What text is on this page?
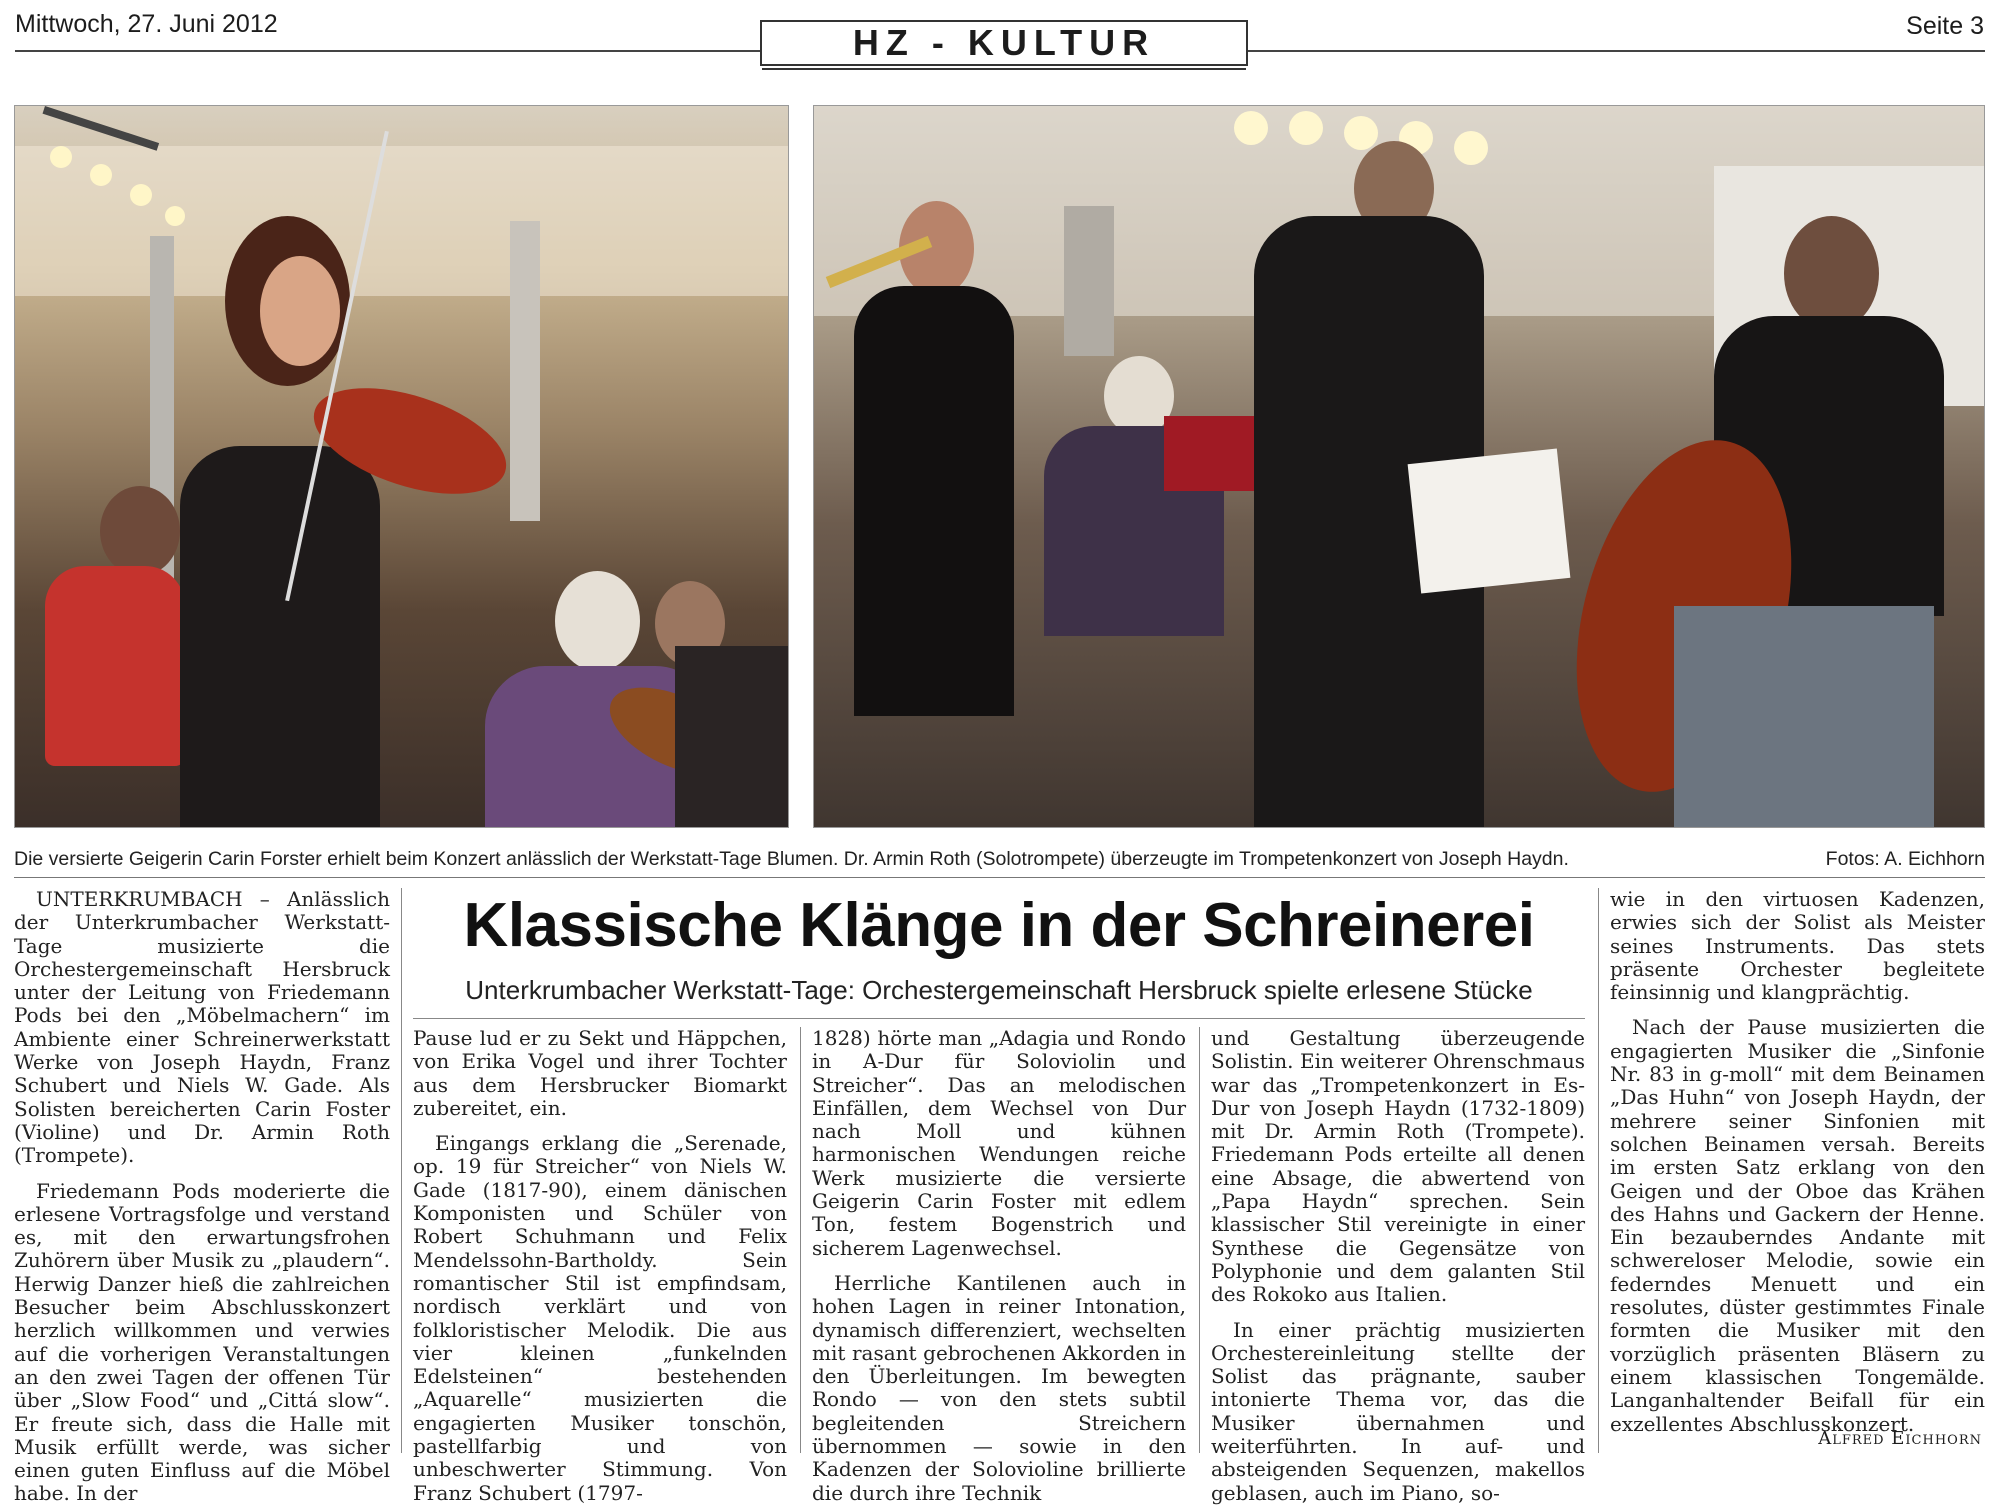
Mittwoch, 27. Juni 2012	HZ - KULTUR	Seite 3
Die versierte Geigerin Carin Forster erhielt beim Konzert anlässlich der Werkstatt-Tage Blumen. Dr. Armin Roth (Solotrompete) überzeugte im Trompetenkonzert von Joseph Haydn.	Fotos: A. Eichhorn
Klassische Klänge in der Schreinerei
Unterkrumbacher Werkstatt-Tage: Orchestergemeinschaft Hersbruck spielte erlesene Stücke

UNTERKRUMBACH – Anlässlich der Unterkrumbacher Werkstatt-Tage musizierte die Orchestergemeinschaft Hersbruck unter der Leitung von Friedemann Pods bei den „Möbelmachern“ im Ambiente einer Schreinerwerkstatt Werke von Joseph Haydn, Franz Schubert und Niels W. Gade. Als Solisten bereicherten Carin Foster (Violine) und Dr. Armin Roth (Trompete).

Friedemann Pods moderierte die erlesene Vortragsfolge und verstand es, mit den erwartungsfrohen Zuhörern über Musik zu „plaudern“. Herwig Danzer hieß die zahlreichen Besucher beim Abschlusskonzert herzlich willkommen und verwies auf die vorherigen Veranstaltungen an den zwei Tagen der offenen Tür über „Slow Food“ und „Cittá slow“. Er freute sich, dass die Halle mit Musik erfüllt werde, was sicher einen guten Einfluss auf die Möbel habe. In der

Pause lud er zu Sekt und Häppchen, von Erika Vogel und ihrer Tochter aus dem Hersbrucker Biomarkt zubereitet, ein.

Eingangs erklang die „Serenade, op. 19 für Streicher“ von Niels W. Gade (1817-90), einem dänischen Komponisten und Schüler von Robert Schuhmann und Felix Mendelssohn-Bartholdy. Sein romantischer Stil ist empfindsam, nordisch verklärt und von folkloristischer Melodik. Die aus vier kleinen „funkelnden Edelsteinen“ bestehenden „Aquarelle“ musizierten die engagierten Musiker tonschön, pastellfarbig und von unbeschwerter Stimmung. Von Franz Schubert (1797-

1828) hörte man „Adagia und Rondo in A-Dur für Soloviolin und Streicher“. Das an melodischen Einfällen, dem Wechsel von Dur nach Moll und kühnen harmonischen Wendungen reiche Werk musizierte die versierte Geigerin Carin Foster mit edlem Ton, festem Bogenstrich und sicherem Lagenwechsel.

Herrliche Kantilenen auch in hohen Lagen in reiner Intonation, dynamisch differenziert, wechselten mit rasant gebrochenen Akkorden in den Überleitungen. Im bewegten Rondo — von den stets subtil begleitenden Streichern übernommen — sowie in den Kadenzen der Solovioline brillierte die durch ihre Technik

und Gestaltung überzeugende Solistin. Ein weiterer Ohrenschmaus war das „Trompetenkonzert in Es-Dur von Joseph Haydn (1732-1809) mit Dr. Armin Roth (Trompete). Friedemann Pods erteilte all denen eine Absage, die abwertend von „Papa Haydn“ sprechen. Sein klassischer Stil vereinigte in einer Synthese die Gegensätze von Polyphonie und dem galanten Stil des Rokoko aus Italien.

In einer prächtig musizierten Orchestereinleitung stellte der Solist das prägnante, sauber intonierte Thema vor, das die Musiker übernahmen und weiterführten. In auf- und absteigenden Sequenzen, makellos geblasen, auch im Piano, so-

wie in den virtuosen Kadenzen, erwies sich der Solist als Meister seines Instruments. Das stets präsente Orchester begleitete feinsinnig und klangprächtig.

Nach der Pause musizierten die engagierten Musiker die „Sinfonie Nr. 83 in g-moll“ mit dem Beinamen „Das Huhn“ von Joseph Haydn, der mehrere seiner Sinfonien mit solchen Beinamen versah. Bereits im ersten Satz erklang von den Geigen und der Oboe das Krähen des Hahns und Gackern der Henne. Ein bezauberndes Andante mit schwereloser Melodie, sowie ein federndes Menuett und ein resolutes, düster gestimmtes Finale formten die Musiker mit den vorzüglich präsenten Bläsern zu einem klassischen Tongemälde. Langanhaltender Beifall für ein exzellentes Abschlusskonzert.

Alfred Eichhorn
